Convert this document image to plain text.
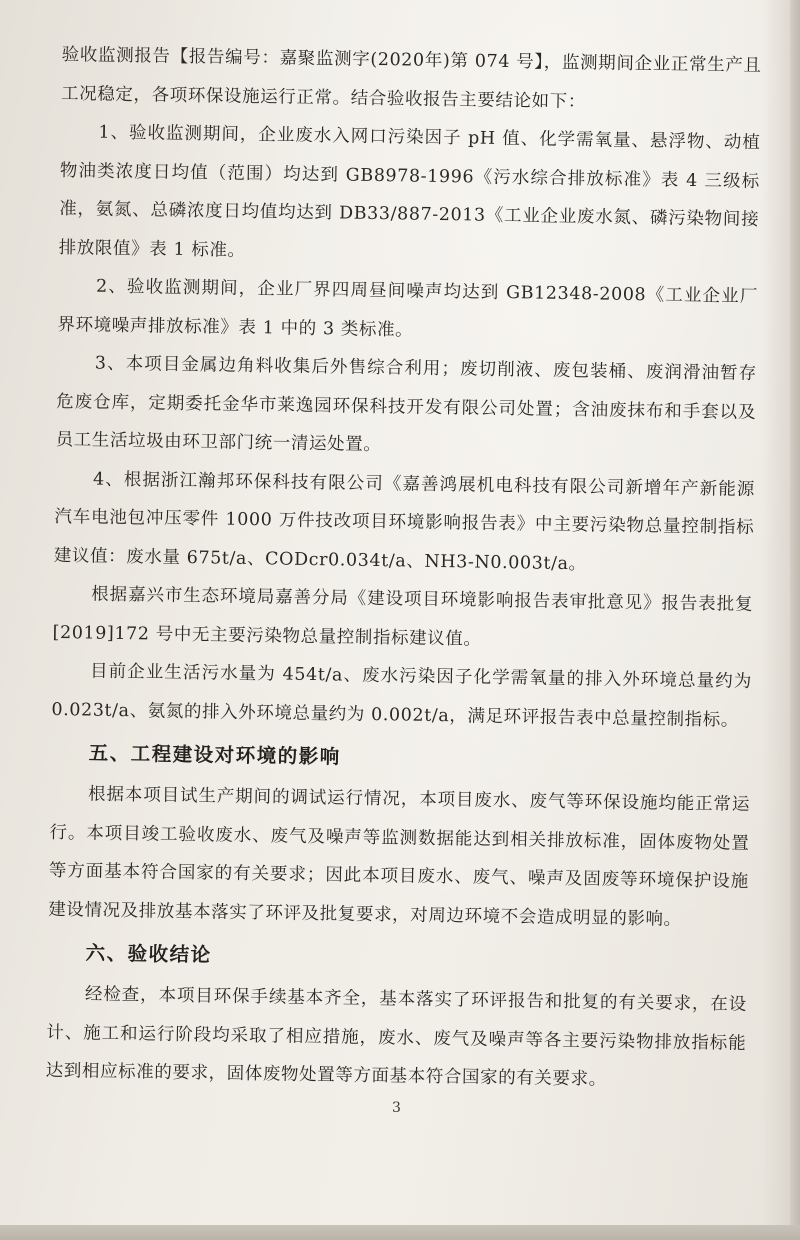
验收监测报告【报告编号：嘉聚监测字(2020年)第 074 号】，监测期间企业正常生产且工况稳定，各项环保设施运行正常。结合验收报告主要结论如下：

1、验收监测期间，企业废水入网口污染因子 pH 值、化学需氧量、悬浮物、动植物油类浓度日均值（范围）均达到 GB8978-1996《污水综合排放标准》表 4 三级标准，氨氮、总磷浓度日均值均达到 DB33/887-2013《工业企业废水氮、磷污染物间接排放限值》表 1 标准。

2、验收监测期间，企业厂界四周昼间噪声均达到 GB12348-2008《工业企业厂界环境噪声排放标准》表 1 中的 3 类标准。

3、本项目金属边角料收集后外售综合利用；废切削液、废包装桶、废润滑油暂存危废仓库，定期委托金华市莱逸园环保科技开发有限公司处置；含油废抹布和手套以及员工生活垃圾由环卫部门统一清运处置。

4、根据浙江瀚邦环保科技有限公司《嘉善鸿展机电科技有限公司新增年产新能源汽车电池包冲压零件 1000 万件技改项目环境影响报告表》中主要污染物总量控制指标建议值：废水量 675t/a、CODcr0.034t/a、NH3-N0.003t/a。

根据嘉兴市生态环境局嘉善分局《建设项目环境影响报告表审批意见》报告表批复[2019]172 号中无主要污染物总量控制指标建议值。

目前企业生活污水量为 454t/a、废水污染因子化学需氧量的排入外环境总量约为 0.023t/a、氨氮的排入外环境总量约为 0.002t/a，满足环评报告表中总量控制指标。

五、工程建设对环境的影响

根据本项目试生产期间的调试运行情况，本项目废水、废气等环保设施均能正常运行。本项目竣工验收废水、废气及噪声等监测数据能达到相关排放标准，固体废物处置等方面基本符合国家的有关要求；因此本项目废水、废气、噪声及固废等环境保护设施建设情况及排放基本落实了环评及批复要求，对周边环境不会造成明显的影响。

六、验收结论

经检查，本项目环保手续基本齐全，基本落实了环评报告和批复的有关要求，在设计、施工和运行阶段均采取了相应措施，废水、废气及噪声等各主要污染物排放指标能达到相应标准的要求，固体废物处置等方面基本符合国家的有关要求。

3
